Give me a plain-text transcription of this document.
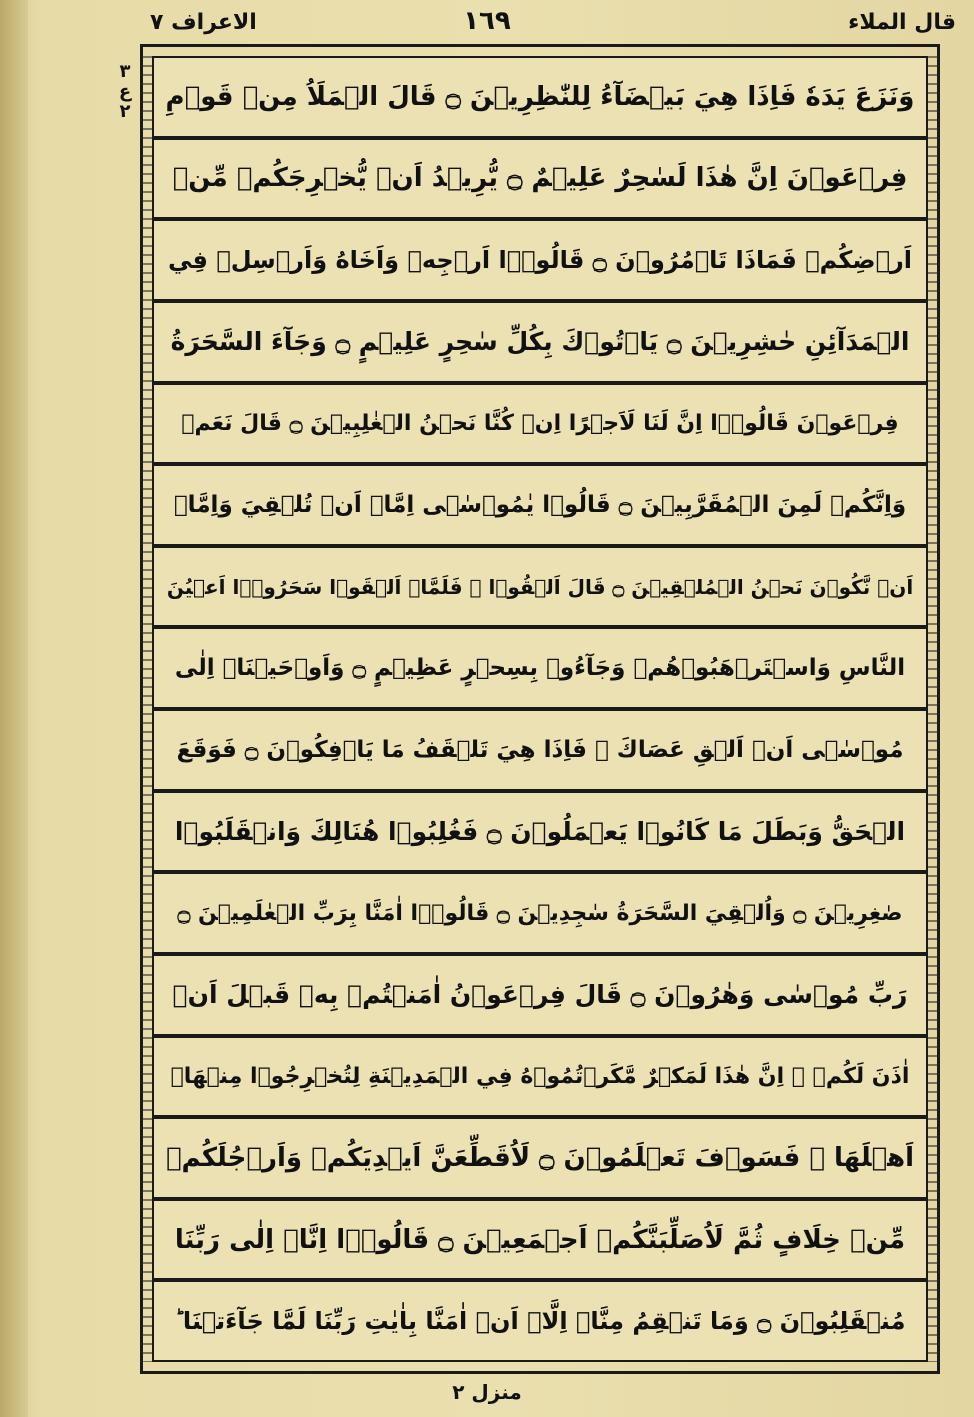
قال الملاء
١٦٩
الاعراف ٧
٣
ع
٢	وَنَزَعَ يَدَهٗ فَاِذَا هِيَ بَيۡضَآءُ لِلنّٰظِرِيۡنَ ۝ قَالَ الۡمَلَاُ مِنۡ قَوۡمِ
فِرۡعَوۡنَ اِنَّ هٰذَا لَسٰحِرٌ عَلِيۡمٌ ۝ يُّرِيۡدُ اَنۡ يُّخۡرِجَكُمۡ مِّنۡ
اَرۡضِكُمۡ فَمَاذَا تَاۡمُرُوۡنَ ۝ قَالُوۡۤا اَرۡجِهۡ وَاَخَاهُ وَاَرۡسِلۡ فِي
الۡمَدَآئِنِ حٰشِرِيۡنَ ۝ يَاۡتُوۡكَ بِكُلِّ سٰحِرٍ عَلِيۡمٍ ۝ وَجَآءَ السَّحَرَةُ
فِرۡعَوۡنَ قَالُوۡۤا اِنَّ لَنَا لَاَجۡرًا اِنۡ كُنَّا نَحۡنُ الۡغٰلِبِيۡنَ ۝ قَالَ نَعَمۡ
وَاِنَّكُمۡ لَمِنَ الۡمُقَرَّبِيۡنَ ۝ قَالُوۡا يٰمُوۡسٰۤى اِمَّاۤ اَنۡ تُلۡقِيَ وَاِمَّاۤ
اَنۡ نَّكُوۡنَ نَحۡنُ الۡمُلۡقِيۡنَ ۝ قَالَ اَلۡقُوۡا ۚ فَلَمَّاۤ اَلۡقَوۡا سَحَرُوۡۤا اَعۡيُنَ
النَّاسِ وَاسۡتَرۡهَبُوۡهُمۡ وَجَآءُوۡ بِسِحۡرٍ عَظِيۡمٍ ۝ وَاَوۡحَيۡنَاۤ اِلٰى
مُوۡسٰۤى اَنۡ اَلۡقِ عَصَاكَ ۚ فَاِذَا هِيَ تَلۡقَفُ مَا يَاۡفِكُوۡنَ ۝ فَوَقَعَ
الۡحَقُّ وَبَطَلَ مَا كَانُوۡا يَعۡمَلُوۡنَ ۝ فَغُلِبُوۡا هُنَالِكَ وَانۡقَلَبُوۡا
صٰغِرِيۡنَ ۝ وَاُلۡقِيَ السَّحَرَةُ سٰجِدِيۡنَ ۝ قَالُوۡۤا اٰمَنَّا بِرَبِّ الۡعٰلَمِيۡنَ ۝
رَبِّ مُوۡسٰى وَهٰرُوۡنَ ۝ قَالَ فِرۡعَوۡنُ اٰمَنۡتُمۡ بِهٖ قَبۡلَ اَنۡ
اٰذَنَ لَكُمۡ ۚ اِنَّ هٰذَا لَمَكۡرٌ مَّكَرۡتُمُوۡهُ فِي الۡمَدِيۡنَةِ لِتُخۡرِجُوۡا مِنۡهَاۤ
اَهۡلَهَا ۚ فَسَوۡفَ تَعۡلَمُوۡنَ ۝ لَاُقَطِّعَنَّ اَيۡدِيَكُمۡ وَاَرۡجُلَكُمۡ
مِّنۡ خِلَافٍ ثُمَّ لَاُصَلِّبَنَّكُمۡ اَجۡمَعِيۡنَ ۝ قَالُوۡۤا اِنَّاۤ اِلٰى رَبِّنَا
مُنۡقَلِبُوۡنَ ۝ وَمَا تَنۡقِمُ مِنَّاۤ اِلَّاۤ اَنۡ اٰمَنَّا بِاٰيٰتِ رَبِّنَا لَمَّا جَآءَتۡنَا ؕ
منزل ٢
